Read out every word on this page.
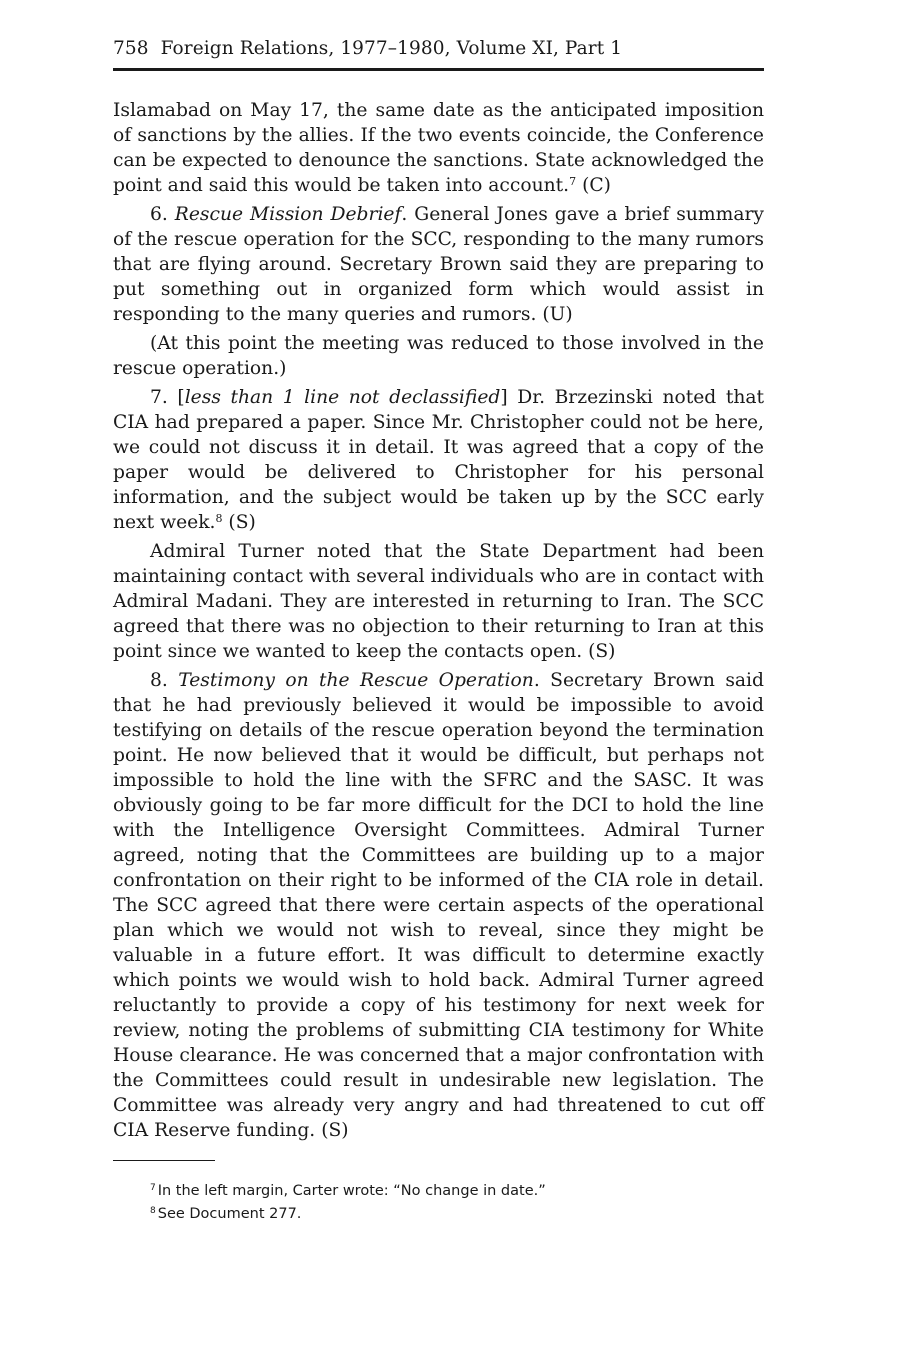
758 Foreign Relations, 1977–1980, Volume XI, Part 1

Islamabad on May 17, the same date as the anticipated imposition of sanctions by the allies. If the two events coincide, the Conference can be expected to denounce the sanctions. State acknowledged the point and said this would be taken into account.$^7$ (C)

6. Rescue Mission Debrief. General Jones gave a brief summary of the rescue operation for the SCC, responding to the many rumors that are flying around. Secretary Brown said they are preparing to put something out in organized form which would assist in responding to the many queries and rumors. (U)

(At this point the meeting was reduced to those involved in the rescue operation.)

7. [less than 1 line not declassified] Dr. Brzezinski noted that CIA had prepared a paper. Since Mr. Christopher could not be here, we could not discuss it in detail. It was agreed that a copy of the paper would be delivered to Christopher for his personal information, and the subject would be taken up by the SCC early next week.$^8$ (S)

Admiral Turner noted that the State Department had been maintaining contact with several individuals who are in contact with Admiral Madani. They are interested in returning to Iran. The SCC agreed that there was no objection to their returning to Iran at this point since we wanted to keep the contacts open. (S)

8. Testimony on the Rescue Operation. Secretary Brown said that he had previously believed it would be impossible to avoid testifying on details of the rescue operation beyond the termination point. He now believed that it would be difficult, but perhaps not impossible to hold the line with the SFRC and the SASC. It was obviously going to be far more difficult for the DCI to hold the line with the Intelligence Oversight Committees. Admiral Turner agreed, noting that the Committees are building up to a major confrontation on their right to be informed of the CIA role in detail. The SCC agreed that there were certain aspects of the operational plan which we would not wish to reveal, since they might be valuable in a future effort. It was difficult to determine exactly which points we would wish to hold back. Admiral Turner agreed reluctantly to provide a copy of his testimony for next week for review, noting the problems of submitting CIA testimony for White House clearance. He was concerned that a major confrontation with the Committees could result in undesirable new legislation. The Committee was already very angry and had threatened to cut off CIA Reserve funding. (S)

$^7$ In the left margin, Carter wrote: “No change in date.”

$^8$ See Document 277.
